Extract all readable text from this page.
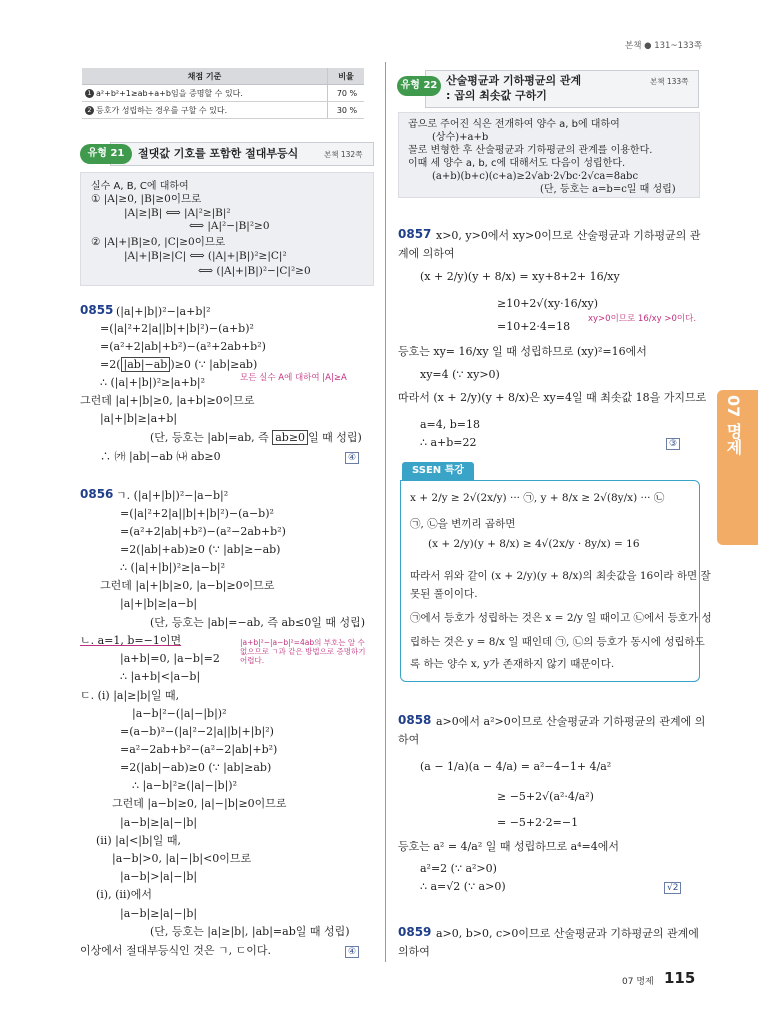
본책 ● 131~133쪽
07 명제
채점 기준	비율
1 a²+b²+1≥ab+a+b임을 증명할 수 있다.	70 %
2 등호가 성립하는 경우를 구할 수 있다.	30 %
유형 21	절댓값 기호를 포함한 절대부등식	본책 132쪽
실수 A, B, C에 대하여
① |A|≥0, |B|≥0이므로
|A|≥|B| ⟺ |A|²≥|B|²
⟺ |A|²−|B|²≥0
② |A|+|B|≥0, |C|≥0이므로
|A|+|B|≥|C| ⟺ (|A|+|B|)²≥|C|²
⟺ (|A|+|B|)²−|C|²≥0
0855 (|a|+|b|)²−|a+b|²
=(|a|²+2|a||b|+|b|²)−(a+b)²
=(a²+2|ab|+b²)−(a²+2ab+b²)
=2( |ab|−ab )≥0 (∵ |ab|≥ab)
∴ (|a|+|b|)²≥|a+b|²	모든 실수 A에 대하여 |A|≥A
그런데 |a|+|b|≥0, |a+b|≥0이므로
|a|+|b|≥|a+b|
(단, 등호는 |ab|=ab, 즉 ab≥0 일 때 성립)
∴ ㈎ |ab|−ab ㈏ ab≥0	④
0856 ㄱ. (|a|+|b|)²−|a−b|²
=(|a|²+2|a||b|+|b|²)−(a−b)²
=(a²+2|ab|+b²)−(a²−2ab+b²)
=2(|ab|+ab)≥0 (∵ |ab|≥−ab)
∴ (|a|+|b|)²≥|a−b|²
그런데 |a|+|b|≥0, |a−b|≥0이므로
|a|+|b|≥|a−b|
(단, 등호는 |ab|=−ab, 즉 ab≤0일 때 성립)
ㄴ. a=1, b=−1이면
|a+b|=0, |a−b|=2
∴ |a+b|<|a−b|
|a+b|²−|a−b|²=4ab의 부호는 알 수 없으므로 ㄱ과 같은 방법으로 증명하기 어렵다.
ㄷ. (i) |a|≥|b|일 때,
|a−b|²−(|a|−|b|)²
=(a−b)²−(|a|²−2|a||b|+|b|²)
=a²−2ab+b²−(a²−2|ab|+b²)
=2(|ab|−ab)≥0 (∵ |ab|≥ab)
∴ |a−b|²≥(|a|−|b|)²
그런데 |a−b|≥0, |a|−|b|≥0이므로
|a−b|≥|a|−|b|
(ii) |a|<|b|일 때,
|a−b|>0, |a|−|b|<0이므로
|a−b|>|a|−|b|
(i), (ii)에서
|a−b|≥|a|−|b|
(단, 등호는 |a|≥|b|, |ab|=ab일 때 성립)
이상에서 절대부등식인 것은 ㄱ, ㄷ이다.	④
유형 22 산술평균과 기하평균의 관계
: 곱의 최솟값 구하기
본책 133쪽
곱으로 주어진 식은 전개하여 양수 a, b에 대하여
(상수)+a+b
꼴로 변형한 후 산술평균과 기하평균의 관계를 이용한다.
이때 세 양수 a, b, c에 대해서도 다음이 성립한다.
(a+b)(b+c)(c+a)≥2√ab·2√bc·2√ca=8abc
(단, 등호는 a=b=c일 때 성립)
0857 x>0, y>0에서 xy>0이므로 산술평균과 기하평균의 관
계에 의하여
(x + 2/y)(y + 8/x) = xy+8+2+ 16/xy
≥10+2√(xy·16/xy)
=10+2·4=18
xy>0이므로 16/xy >0이다.
등호는 xy= 16/xy 일 때 성립하므로 (xy)²=16에서
xy=4 (∵ xy>0)
따라서 (x + 2/y)(y + 8/x)은 xy=4일 때 최솟값 18을 가지므로
a=4, b=18
∴ a+b=22	③
SSEN 특강
x + 2/y ≥ 2√(2x/y) ··· ㉠, y + 8/x ≥ 2√(8y/x) ··· ㉡
㉠, ㉡을 변끼리 곱하면
(x + 2/y)(y + 8/x) ≥ 4√(2x/y · 8y/x) = 16
따라서 위와 같이 (x + 2/y)(y + 8/x)의 최솟값을 16이라 하면 잘
못된 풀이이다.
㉠에서 등호가 성립하는 것은 x = 2/y 일 때이고 ㉡에서 등호가 성
립하는 것은 y = 8/x 일 때인데 ㉠, ㉡의 등호가 동시에 성립하도
록 하는 양수 x, y가 존재하지 않기 때문이다.
0858 a>0에서 a²>0이므로 산술평균과 기하평균의 관계에 의
하여
(a − 1/a)(a − 4/a) = a²−4−1+ 4/a²
≥ −5+2√(a²·4/a²)
= −5+2·2=−1
등호는 a² = 4/a² 일 때 성립하므로 a⁴=4에서
a²=2 (∵ a²>0)
∴ a=√2 (∵ a>0)	√2
0859 a>0, b>0, c>0이므로 산술평균과 기하평균의 관계에
의하여
07 명제 115
